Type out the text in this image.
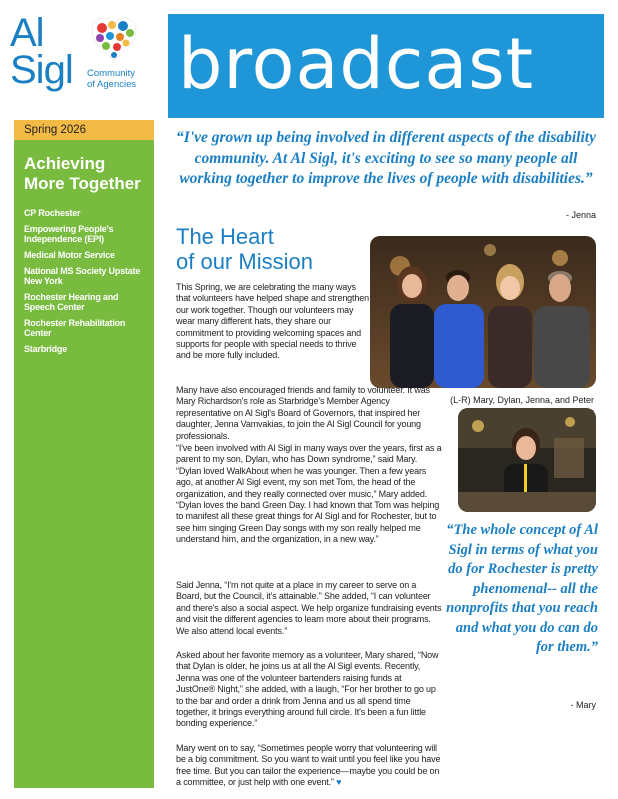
Al
Sigl Community
of Agencies broadcast
Spring 2026
Achieving More Together
CP Rochester
Empowering People's Independence (EPI)
Medical Motor Service
National MS Society Upstate New York
Rochester Hearing and Speech Center
Rochester Rehabilitation Center
Starbridge
“I've grown up being involved in different aspects of the disability community. At Al Sigl, it's exciting to see so many people all working together to improve the lives of people with disabilities.”
- Jenna
The Heart
of our Mission
(L-R) Mary, Dylan, Jenna, and Peter
“The whole concept of Al Sigl in terms of what you do for Rochester is pretty phenomenal-- all the nonprofits that you reach and what you do can do for them.”
- Mary

This Spring, we are celebrating the many ways that volunteers have helped shape and strengthen our work together. Though our volunteers may wear many different hats, they share our commitment to providing welcoming spaces and supports for people with special needs to thrive and be more fully included.

Many have also encouraged friends and family to volunteer. It was Mary Richardson's role as Starbridge's Member Agency representative on Al Sigl's Board of Governors, that inspired her daughter, Jenna Vamvakias, to join the Al Sigl Council for young professionals.

“I've been involved with Al Sigl in many ways over the years, first as a parent to my son, Dylan, who has Down syndrome,” said Mary. “Dylan loved WalkAbout when he was younger. Then a few years ago, at another Al Sigl event, my son met Tom, the head of the organization, and they really connected over music,” Mary added. “Dylan loves the band Green Day. I had known that Tom was helping to manifest all these great things for Al Sigl and for Rochester, but to see him singing Green Day songs with my son really helped me understand him, and the organization, in a new way.”

Said Jenna, “I'm not quite at a place in my career to serve on a Board, but the Council, it's attainable.” She added, “I can volunteer and there's also a social aspect. We help organize fundraising events and visit the different agencies to learn more about their programs. We also attend local events.”

Asked about her favorite memory as a volunteer, Mary shared, “Now that Dylan is older, he joins us at all the Al Sigl events. Recently, Jenna was one of the volunteer bartenders raising funds at JustOne® Night,” she added, with a laugh, “For her brother to go up to the bar and order a drink from Jenna and us all spend time together, it brings everything around full circle. It's been a fun little bonding experience.”

Mary went on to say, “Sometimes people worry that volunteering will be a big commitment. So you want to wait until you feel like you have free time. But you can tailor the experience—maybe you could be on a committee, or just help with one event.” ♥
